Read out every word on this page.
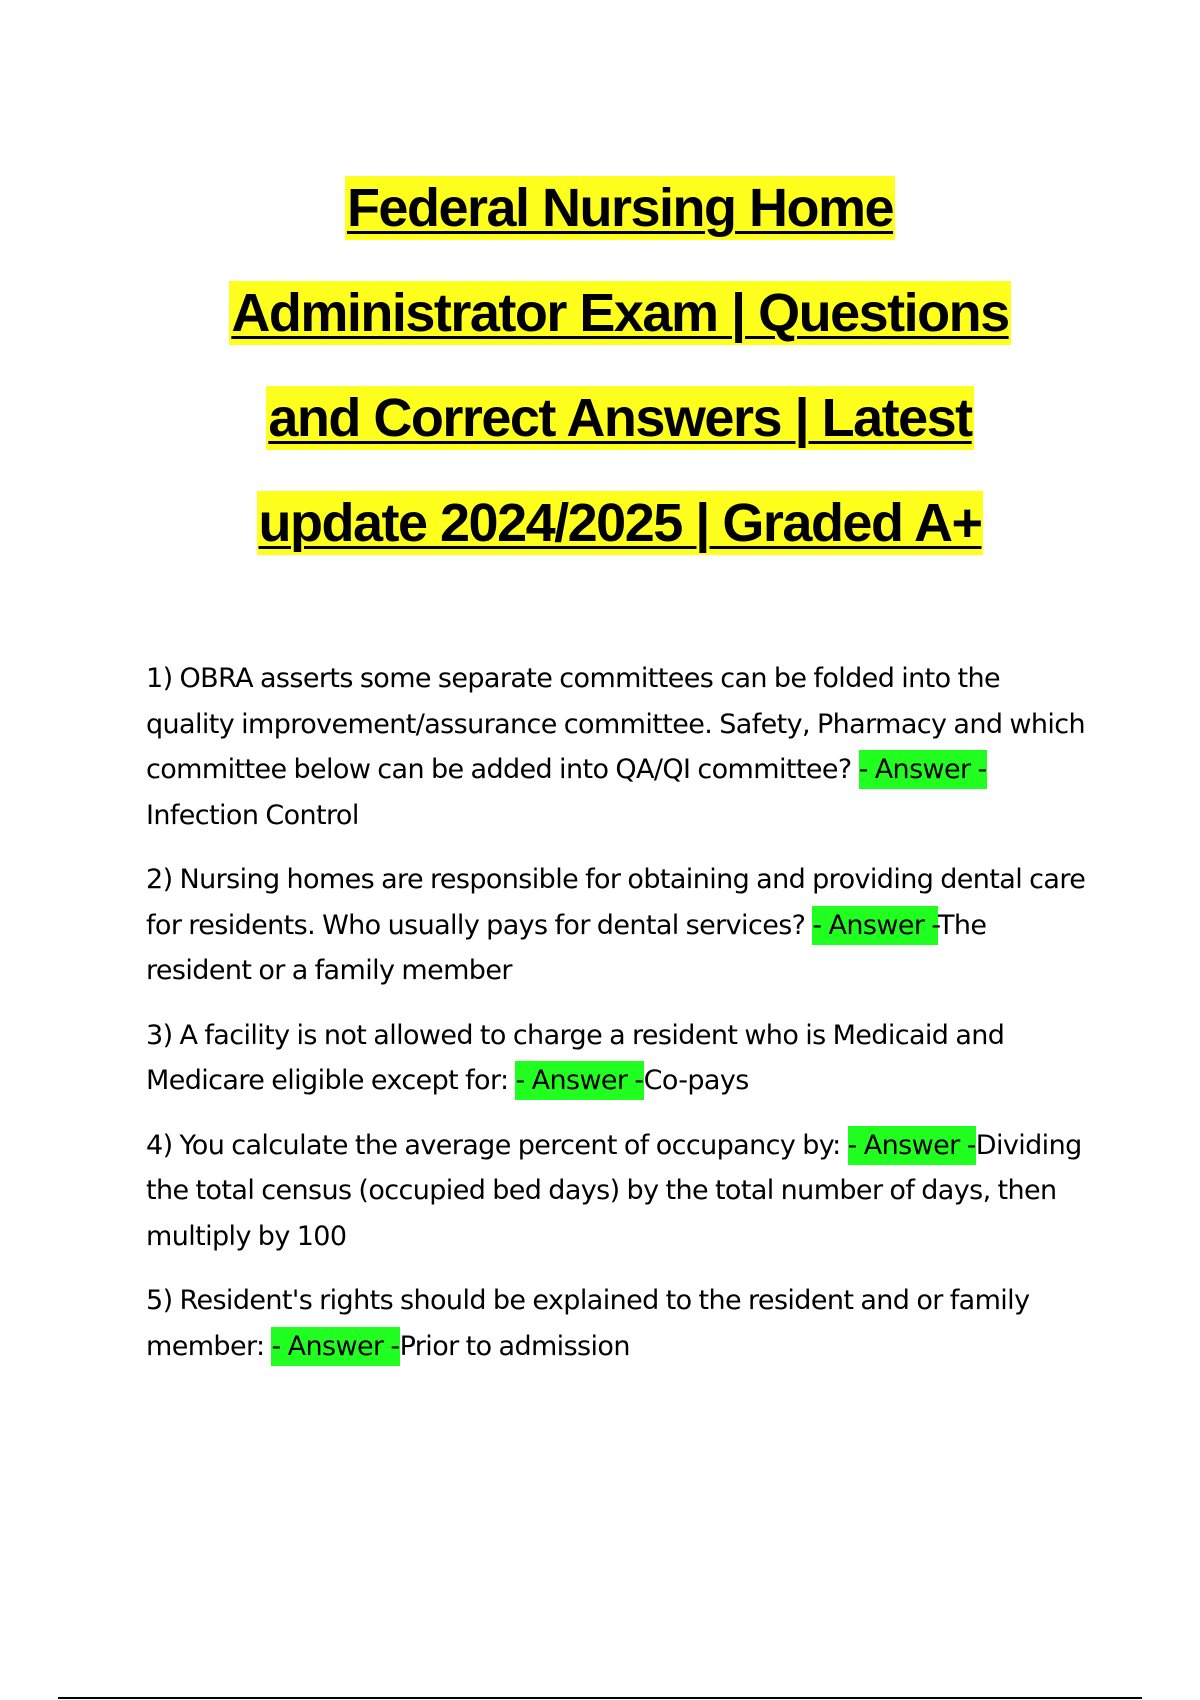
Federal Nursing Home
Administrator Exam | Questions
and Correct Answers | Latest
update 2024/2025 | Graded A+

1) OBRA asserts some separate committees can be folded into the quality improvement/assurance committee. Safety, Pharmacy and which committee below can be added into QA/QI committee? - Answer -Infection Control

2) Nursing homes are responsible for obtaining and providing dental care for residents. Who usually pays for dental services? - Answer -The resident or a family member

3) A facility is not allowed to charge a resident who is Medicaid and Medicare eligible except for: - Answer -Co-pays

4) You calculate the average percent of occupancy by: - Answer -Dividing the total census (occupied bed days) by the total number of days, then multiply by 100

5) Resident's rights should be explained to the resident and or family member: - Answer -Prior to admission
